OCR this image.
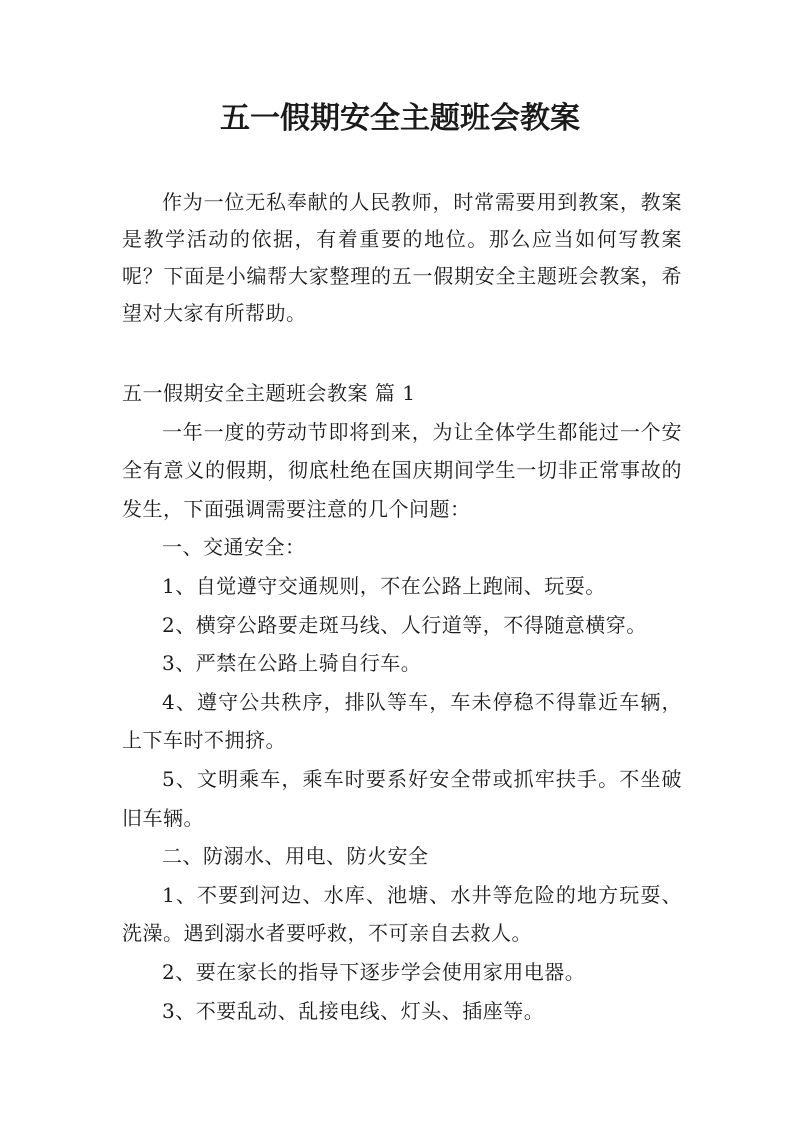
五一假期安全主题班会教案

作为一位无私奉献的人民教师，时常需要用到教案，教案是教学活动的依据，有着重要的地位。那么应当如何写教案呢？下面是小编帮大家整理的五一假期安全主题班会教案，希望对大家有所帮助。

五一假期安全主题班会教案 篇 1

一年一度的劳动节即将到来，为让全体学生都能过一个安全有意义的假期，彻底杜绝在国庆期间学生一切非正常事故的发生，下面强调需要注意的几个问题：

一、交通安全：

1、自觉遵守交通规则，不在公路上跑闹、玩耍。

2、横穿公路要走斑马线、人行道等，不得随意横穿。

3、严禁在公路上骑自行车。

4、遵守公共秩序，排队等车，车未停稳不得靠近车辆，上下车时不拥挤。

5、文明乘车，乘车时要系好安全带或抓牢扶手。不坐破旧车辆。

二、防溺水、用电、防火安全

1、不要到河边、水库、池塘、水井等危险的地方玩耍、洗澡。遇到溺水者要呼救，不可亲自去救人。

2、要在家长的指导下逐步学会使用家用电器。

3、不要乱动、乱接电线、灯头、插座等。
